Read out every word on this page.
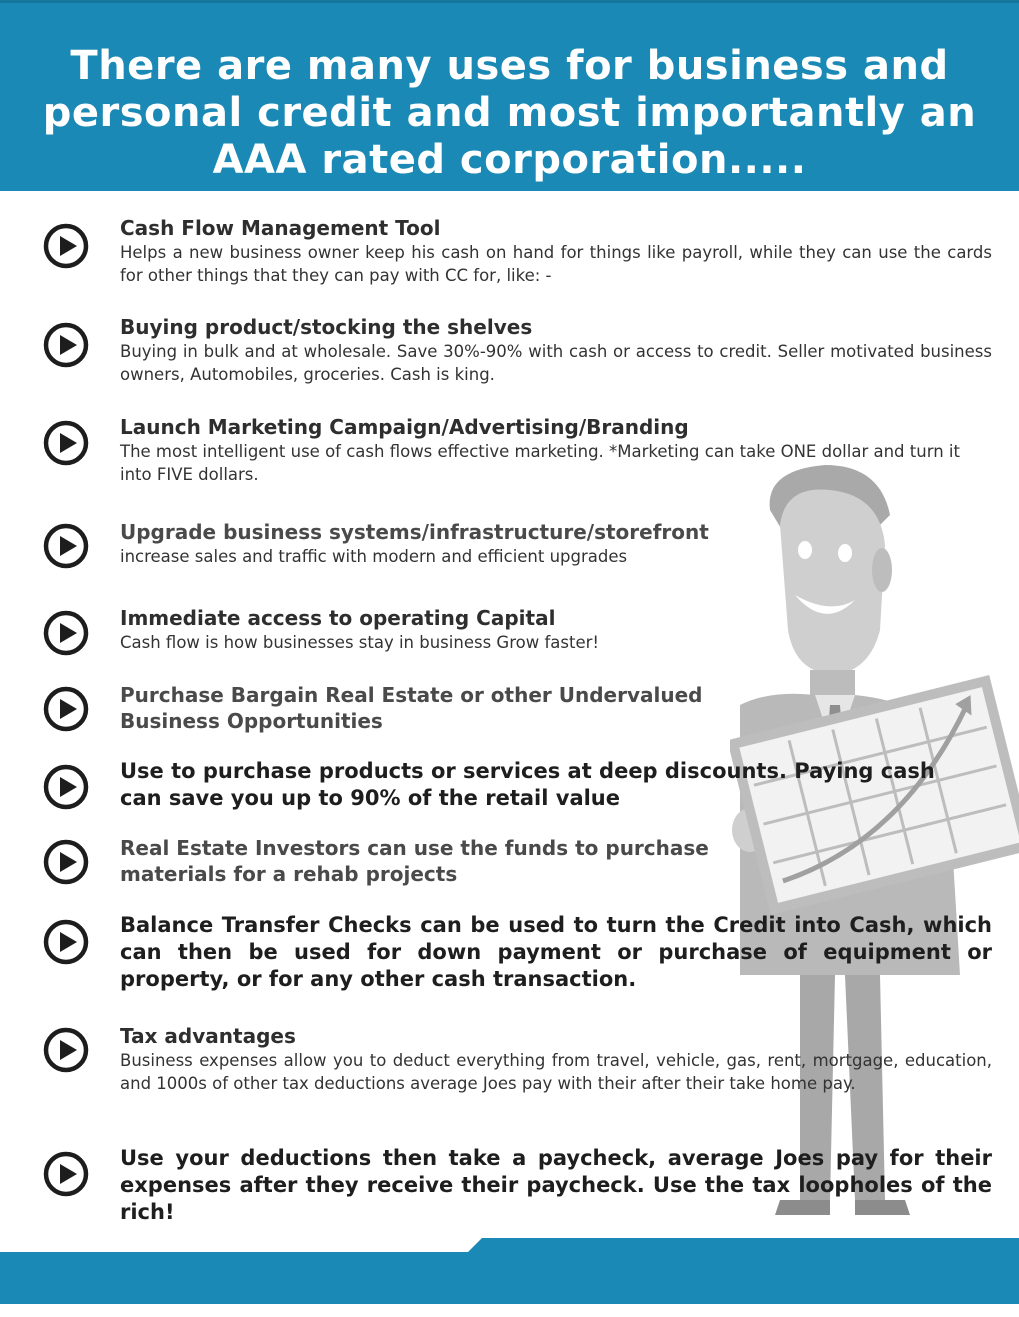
There are many uses for business and personal credit and most importantly an AAA rated corporation.....

Cash Flow Management Tool

Helps a new business owner keep his cash on hand for things like payroll, while they can use the cards for other things that they can pay with CC for, like: -

Buying product/stocking the shelves

Buying in bulk and at wholesale. Save 30%-90% with cash or access to credit. Seller motivated business owners, Automobiles, groceries. Cash is king.

Launch Marketing Campaign/Advertising/Branding

The most intelligent use of cash flows effective marketing. *Marketing can take ONE dollar and turn it into FIVE dollars.

Upgrade business systems/infrastructure/storefront

increase sales and traffic with modern and efficient upgrades

Immediate access to operating Capital

Cash flow is how businesses stay in business Grow faster!

Purchase Bargain Real Estate or other Undervalued Business Opportunities

Use to purchase products or services at deep discounts. Paying cash can save you up to 90% of the retail value

Real Estate Investors can use the funds to purchase materials for a rehab projects

Balance Transfer Checks can be used to turn the Credit into Cash, which can then be used for down payment or purchase of equipment or property, or for any other cash transaction.

Tax advantages

Business expenses allow you to deduct everything from travel, vehicle, gas, rent, mortgage, education, and 1000s of other tax deductions average Joes pay with their after their take home pay.

Use your deductions then take a paycheck, average Joes pay for their expenses after they receive their paycheck. Use the tax loopholes of the rich!
